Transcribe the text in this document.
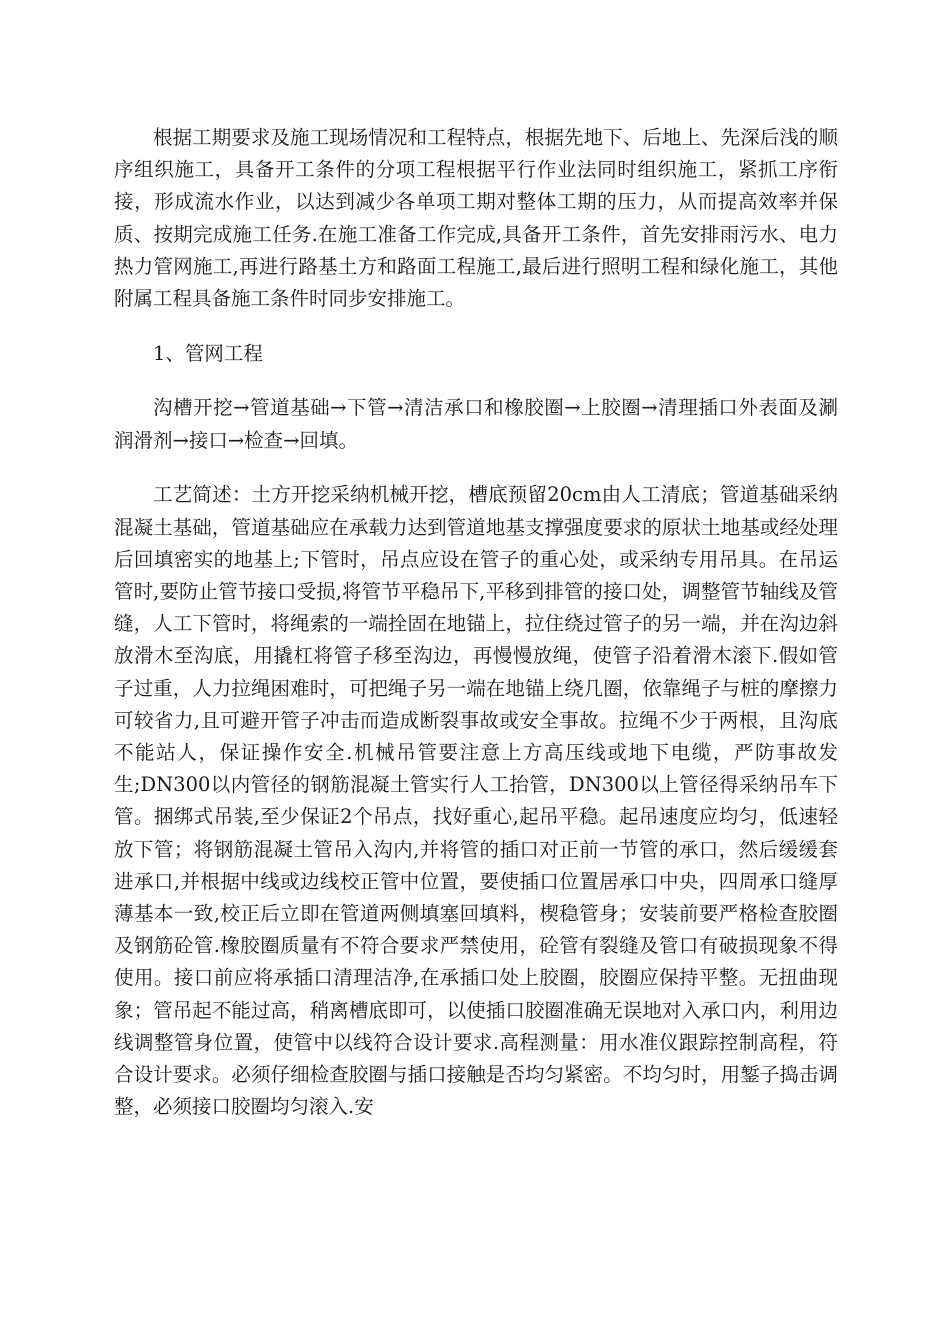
根据工期要求及施工现场情况和工程特点，根据先地下、后地上、先深后浅的顺序组织施工，具备开工条件的分项工程根据平行作业法同时组织施工，紧抓工序衔接，形成流水作业，以达到减少各单项工期对整体工期的压力，从而提高效率并保质、按期完成施工任务.在施工准备工作完成,具备开工条件，首先安排雨污水、电力热力管网施工,再进行路基土方和路面工程施工,最后进行照明工程和绿化施工，其他附属工程具备施工条件时同步安排施工。

1、管网工程

沟槽开挖→管道基础→下管→清洁承口和橡胶圈→上胶圈→清理插口外表面及涮润滑剂→接口→检查→回填。

工艺简述：土方开挖采纳机械开挖，槽底预留20cm由人工清底；管道基础采纳混凝土基础，管道基础应在承载力达到管道地基支撑强度要求的原状土地基或经处理后回填密实的地基上;下管时，吊点应设在管子的重心处，或采纳专用吊具。在吊运管时,要防止管节接口受损,将管节平稳吊下,平移到排管的接口处，调整管节轴线及管缝，人工下管时，将绳索的一端拴固在地锚上，拉住绕过管子的另一端，并在沟边斜放滑木至沟底，用撬杠将管子移至沟边，再慢慢放绳，使管子沿着滑木滚下.假如管子过重，人力拉绳困难时，可把绳子另一端在地锚上绕几圈，依靠绳子与桩的摩擦力可较省力,且可避开管子冲击而造成断裂事故或安全事故。拉绳不少于两根，且沟底不能站人，保证操作安全.机械吊管要注意上方高压线或地下电缆，严防事故发生;DN300以内管径的钢筋混凝土管实行人工抬管，DN300以上管径得采纳吊车下管。捆绑式吊装,至少保证2个吊点，找好重心,起吊平稳。起吊速度应均匀，低速轻放下管；将钢筋混凝土管吊入沟内,并将管的插口对正前一节管的承口，然后缓缓套进承口,并根据中线或边线校正管中位置，要使插口位置居承口中央，四周承口缝厚薄基本一致,校正后立即在管道两侧填塞回填料，楔稳管身；安装前要严格检查胶圈及钢筋砼管.橡胶圈质量有不符合要求严禁使用，砼管有裂缝及管口有破损现象不得使用。接口前应将承插口清理洁净,在承插口处上胶圈，胶圈应保持平整。无扭曲现象；管吊起不能过高，稍离槽底即可，以使插口胶圈准确无误地对入承口内，利用边线调整管身位置，使管中以线符合设计要求.高程测量：用水准仪跟踪控制高程，符合设计要求。必须仔细检查胶圈与插口接触是否均匀紧密。不均匀时，用錾子捣击调整，必须接口胶圈均匀滚入.安
